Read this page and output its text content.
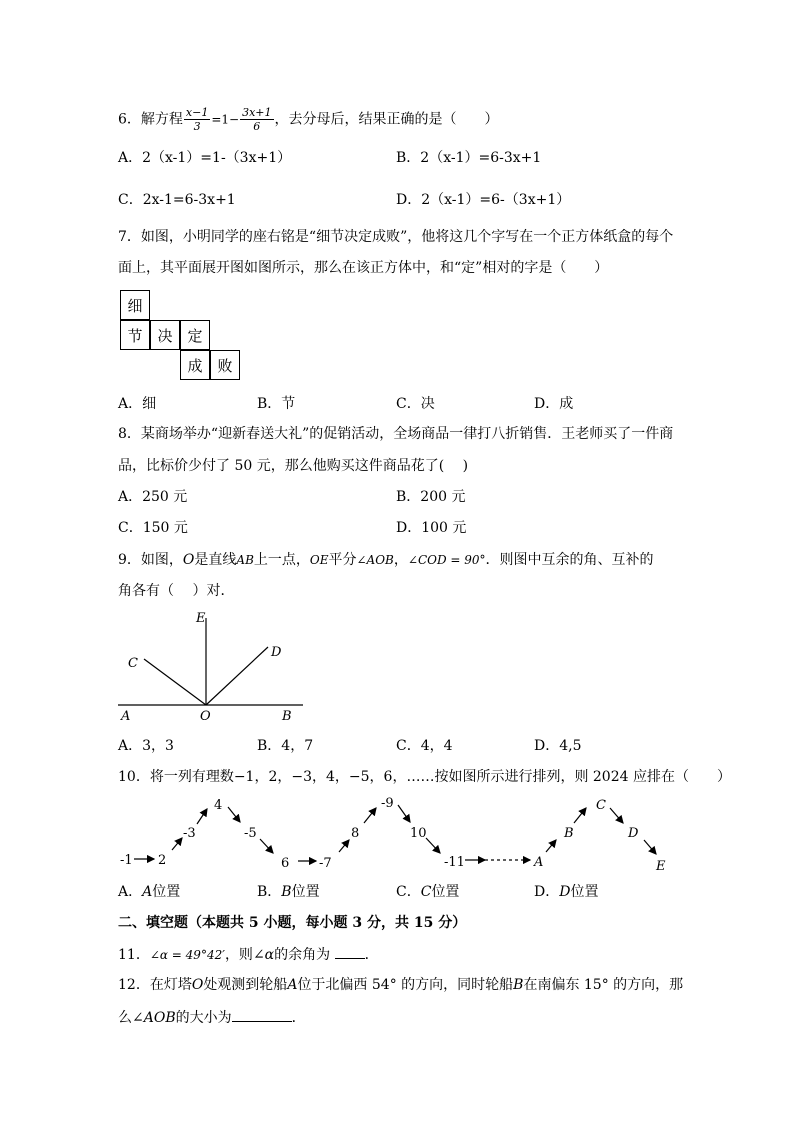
6．解方程 $\frac{x-1}{3} =1- \frac{3x+1}{6}$ ，去分母后，结果正确的是（　　）
A．2（x-1）=1-（3x+1）	B．2（x-1）=6-3x+1
C．2x-1=6-3x+1	D．2（x-1）=6-（3x+1）
7．如图，小明同学的座右铭是“细节决定成败”，他将这几个字写在一个正方体纸盒的每个
面上，其平面展开图如图所示，那么在该正方体中，和“定”相对的字是（　　）
细
节 决 定
成 败
A．细	B．节	C．决	D．成
8．某商场举办“迎新春送大礼”的促销活动，全场商品一律打八折销售．王老师买了一件商
品，比标价少付了 50 元，那么他购买这件商品花了(　 )
A．250 元	B．200 元
C．150 元	D．100 元
9．如图，O是直线AB上一点，OE平分∠AOB，∠COD = 90°．则图中互余的角、互补的
角各有（　 ）对．
E
C
D
A	O	B
A．3，3	B．4，7	C．4，4	D．4,5
10．将一列有理数−1，2，−3，4，−5，6，……按如图所示进行排列，则 2024 应排在（　　）
-1 2
-3
4
-5
6 -7
8
-9
10
-11	A
B
C
D
E
A．A位置	B．B位置	C．C位置	D．D位置
二、填空题（本题共 5 小题，每小题 3 分，共 15 分）
11．∠α = 49°42′，则∠α的余角为 ．
12．在灯塔O处观测到轮船A位于北偏西 54° 的方向，同时轮船B在南偏东 15° 的方向，那
么∠AOB的大小为	．
